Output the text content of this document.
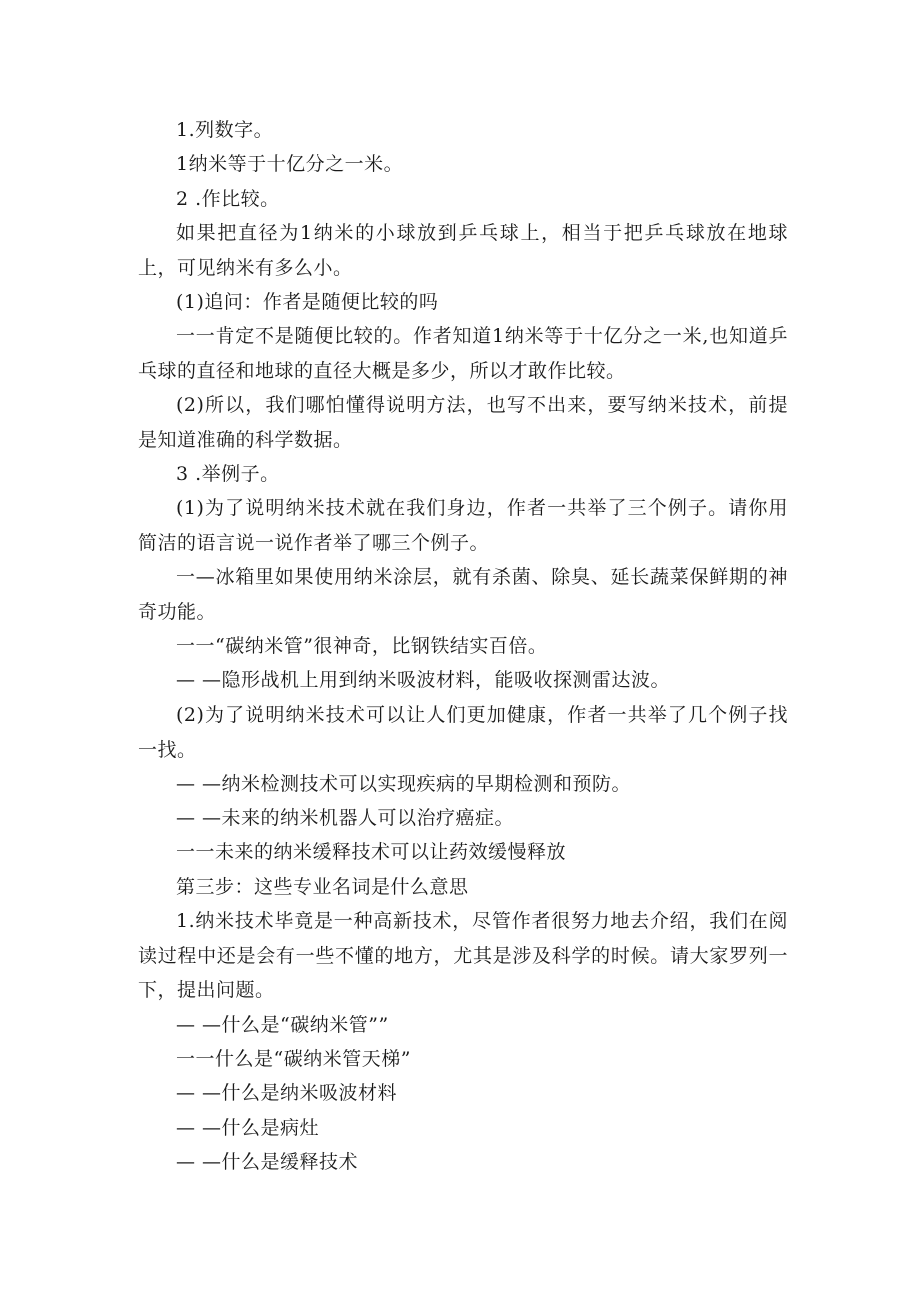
1.列数字。

1纳米等于十亿分之一米。

2 .作比较。

如果把直径为1纳米的小球放到乒乓球上，相当于把乒乓球放在地球上，可见纳米有多么小。

(1)追问：作者是随便比较的吗

一一肯定不是随便比较的。作者知道1纳米等于十亿分之一米,也知道乒乓球的直径和地球的直径大概是多少，所以才敢作比较。

(2)所以，我们哪怕懂得说明方法，也写不出来，要写纳米技术，前提是知道准确的科学数据。

3 .举例子。

(1)为了说明纳米技术就在我们身边，作者一共举了三个例子。请你用简洁的语言说一说作者举了哪三个例子。

一—冰箱里如果使用纳米涂层，就有杀菌、除臭、延长蔬菜保鲜期的神奇功能。

一一“碳纳米管”很神奇，比钢铁结实百倍。

— —隐形战机上用到纳米吸波材料，能吸收探测雷达波。

(2)为了说明纳米技术可以让人们更加健康，作者一共举了几个例子找一找。

— —纳米检测技术可以实现疾病的早期检测和预防。

— —未来的纳米机器人可以治疗癌症。

一一未来的纳米缓释技术可以让药效缓慢释放

第三步：这些专业名词是什么意思

1.纳米技术毕竟是一种高新技术，尽管作者很努力地去介绍，我们在阅读过程中还是会有一些不懂的地方，尤其是涉及科学的时候。请大家罗列一下，提出问题。

— —什么是“碳纳米管””

一一什么是“碳纳米管天梯”

— —什么是纳米吸波材料

— —什么是病灶

— —什么是缓释技术
